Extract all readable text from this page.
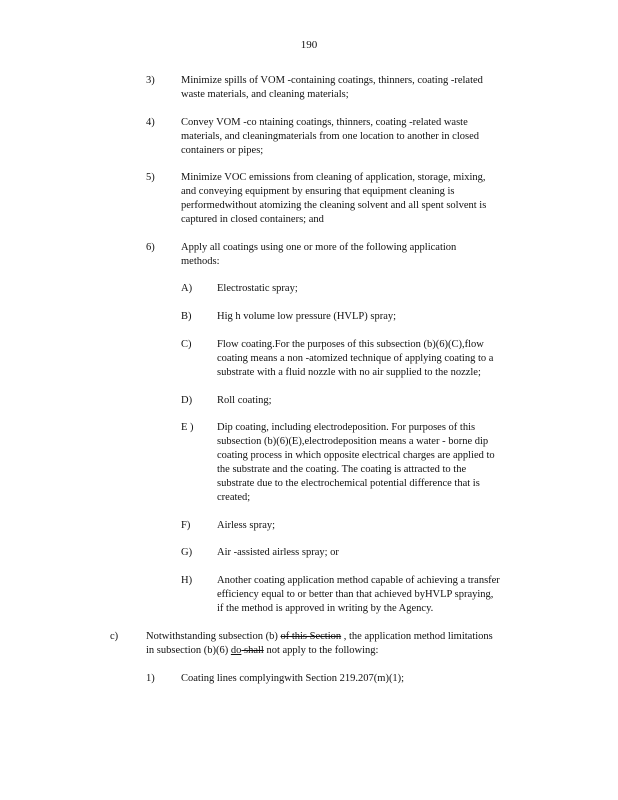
190
3)	Minimize spills of VOM -containing coatings, thinners, coating -related
waste materials, and cleaning materials;
4)	Convey VOM -co ntaining coatings, thinners, coating -related waste
materials, and cleaningmaterials from one location to another in closed
containers or pipes;
5)	Minimize VOC emissions from cleaning of application, storage, mixing,
and conveying equipment by ensuring that equipment cleaning is
performedwithout atomizing the cleaning solvent and all spent solvent is
captured in closed containers; and
6)	Apply all coatings using one or more of the following application
methods:
A) Electrostatic spray;
B) Hig h volume low pressure (HVLP) spray;
C) Flow coating.For the purposes of this subsection (b)(6)(C),flow
coating means a non -atomized technique of applying coating to a
substrate with a fluid nozzle with no air supplied to the nozzle;
D) Roll coating;
E ) Dip coating, including electrodeposition. For purposes of this
subsection (b)(6)(E),electrodeposition means a water - borne dip
coating process in which opposite electrical charges are applied to
the substrate and the coating. The coating is attracted to the
substrate due to the electrochemical potential difference that is
created;
F)	Airless spray;
G) Air -assisted airless spray; or
H) Another coating application method capable of achieving a transfer
efficiency equal to or better than that achieved byHVLP spraying,
if the method is approved in writing by the Agency.
c)	Notwithstanding subsection (b) of this Section , the application method limitations
in subsection (b)(6) do shall not apply to the following:
1)	Coating lines complyingwith Section 219.207(m)(1);
